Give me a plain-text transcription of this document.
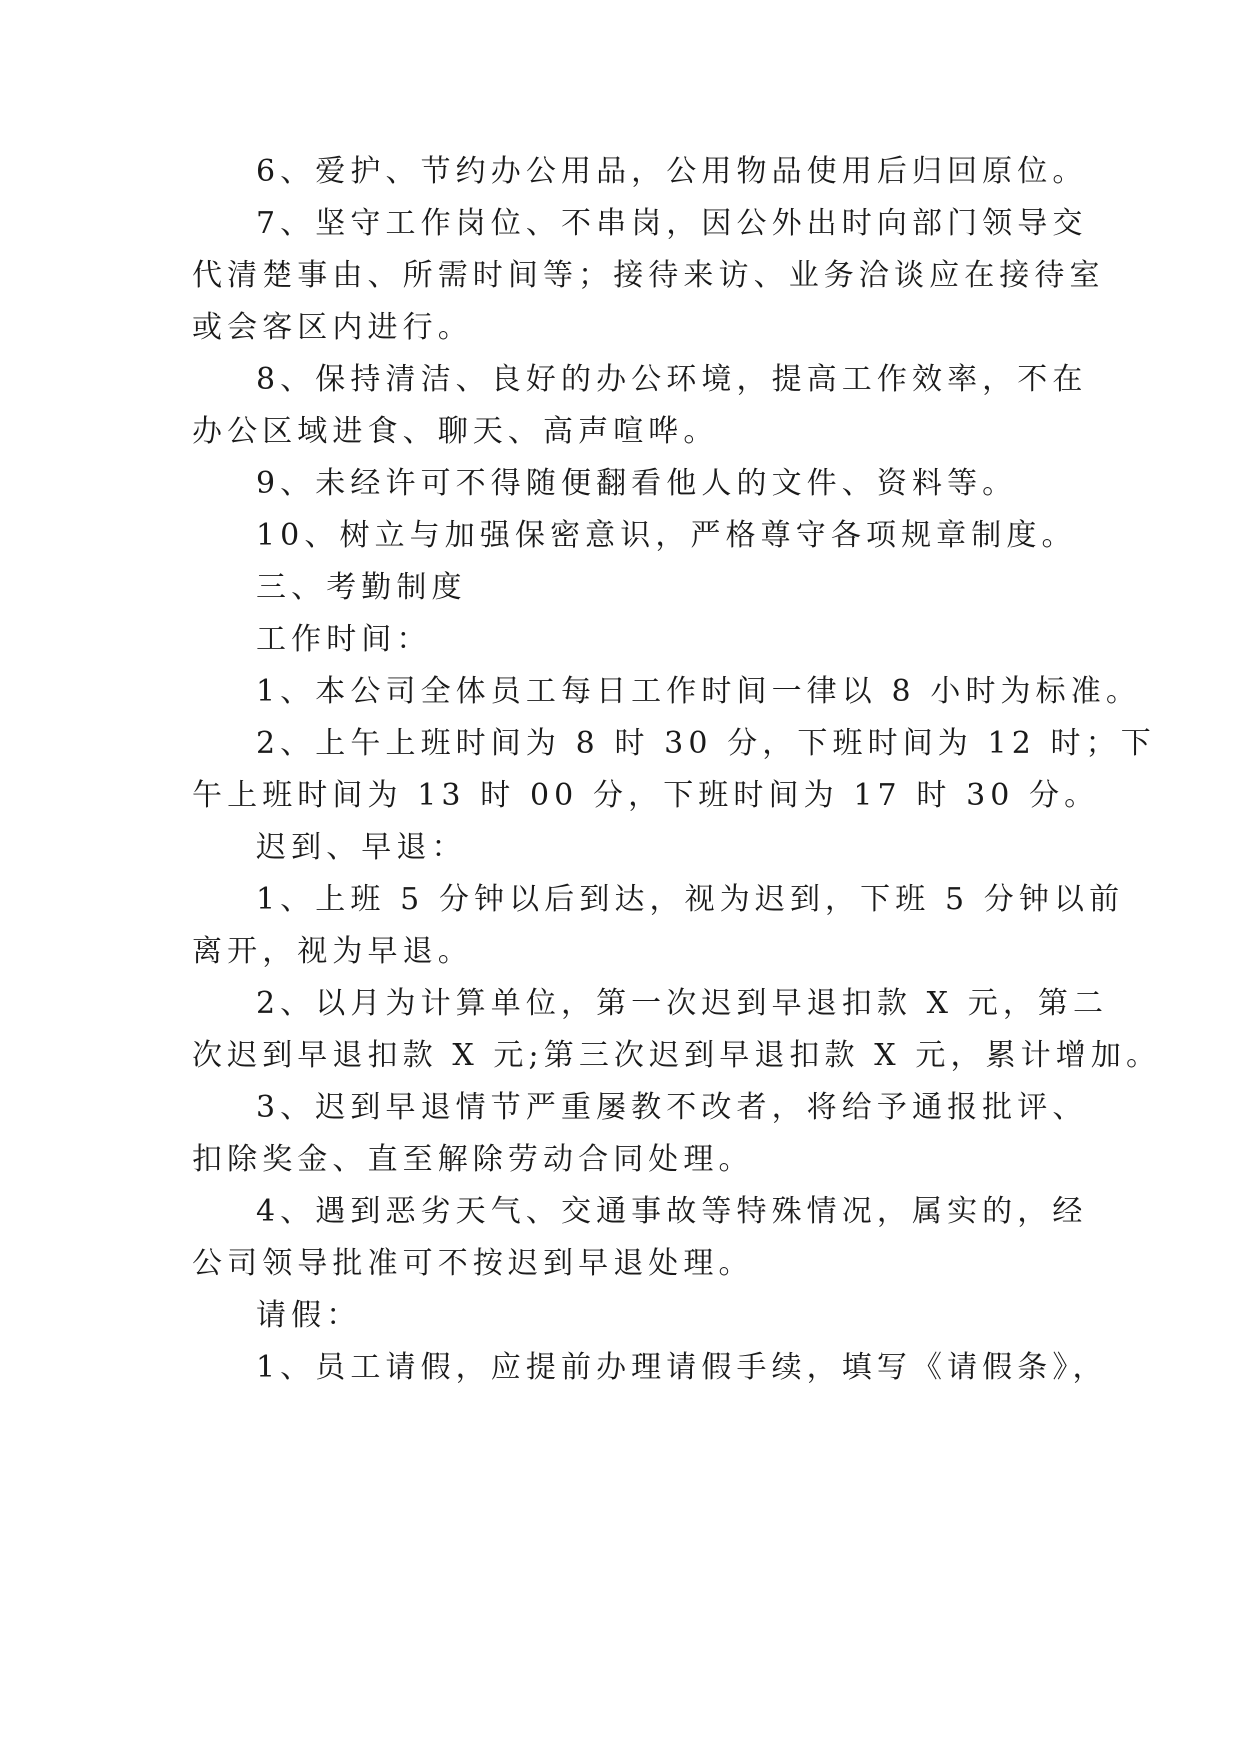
6、爱护、节约办公用品，公用物品使用后归回原位。
7、坚守工作岗位、不串岗，因公外出时向部门领导交
代清楚事由、所需时间等；接待来访、业务洽谈应在接待室
或会客区内进行。
8、保持清洁、良好的办公环境，提高工作效率，不在
办公区域进食、聊天、高声喧哗。
9、未经许可不得随便翻看他人的文件、资料等。
10、树立与加强保密意识，严格尊守各项规章制度。
三、考勤制度
工作时间：
1、本公司全体员工每日工作时间一律以 8 小时为标准。
2、上午上班时间为 8 时 30 分，下班时间为 12 时；下
午上班时间为 13 时 00 分，下班时间为 17 时 30 分。
迟到、早退：
1、上班 5 分钟以后到达，视为迟到，下班 5 分钟以前
离开，视为早退。
2、以月为计算单位，第一次迟到早退扣款 X 元，第二
次迟到早退扣款 X 元;第三次迟到早退扣款 X 元，累计增加。
3、迟到早退情节严重屡教不改者，将给予通报批评、
扣除奖金、直至解除劳动合同处理。
4、遇到恶劣天气、交通事故等特殊情况，属实的，经
公司领导批准可不按迟到早退处理。
请假：
1、员工请假，应提前办理请假手续，填写《请假条》，
